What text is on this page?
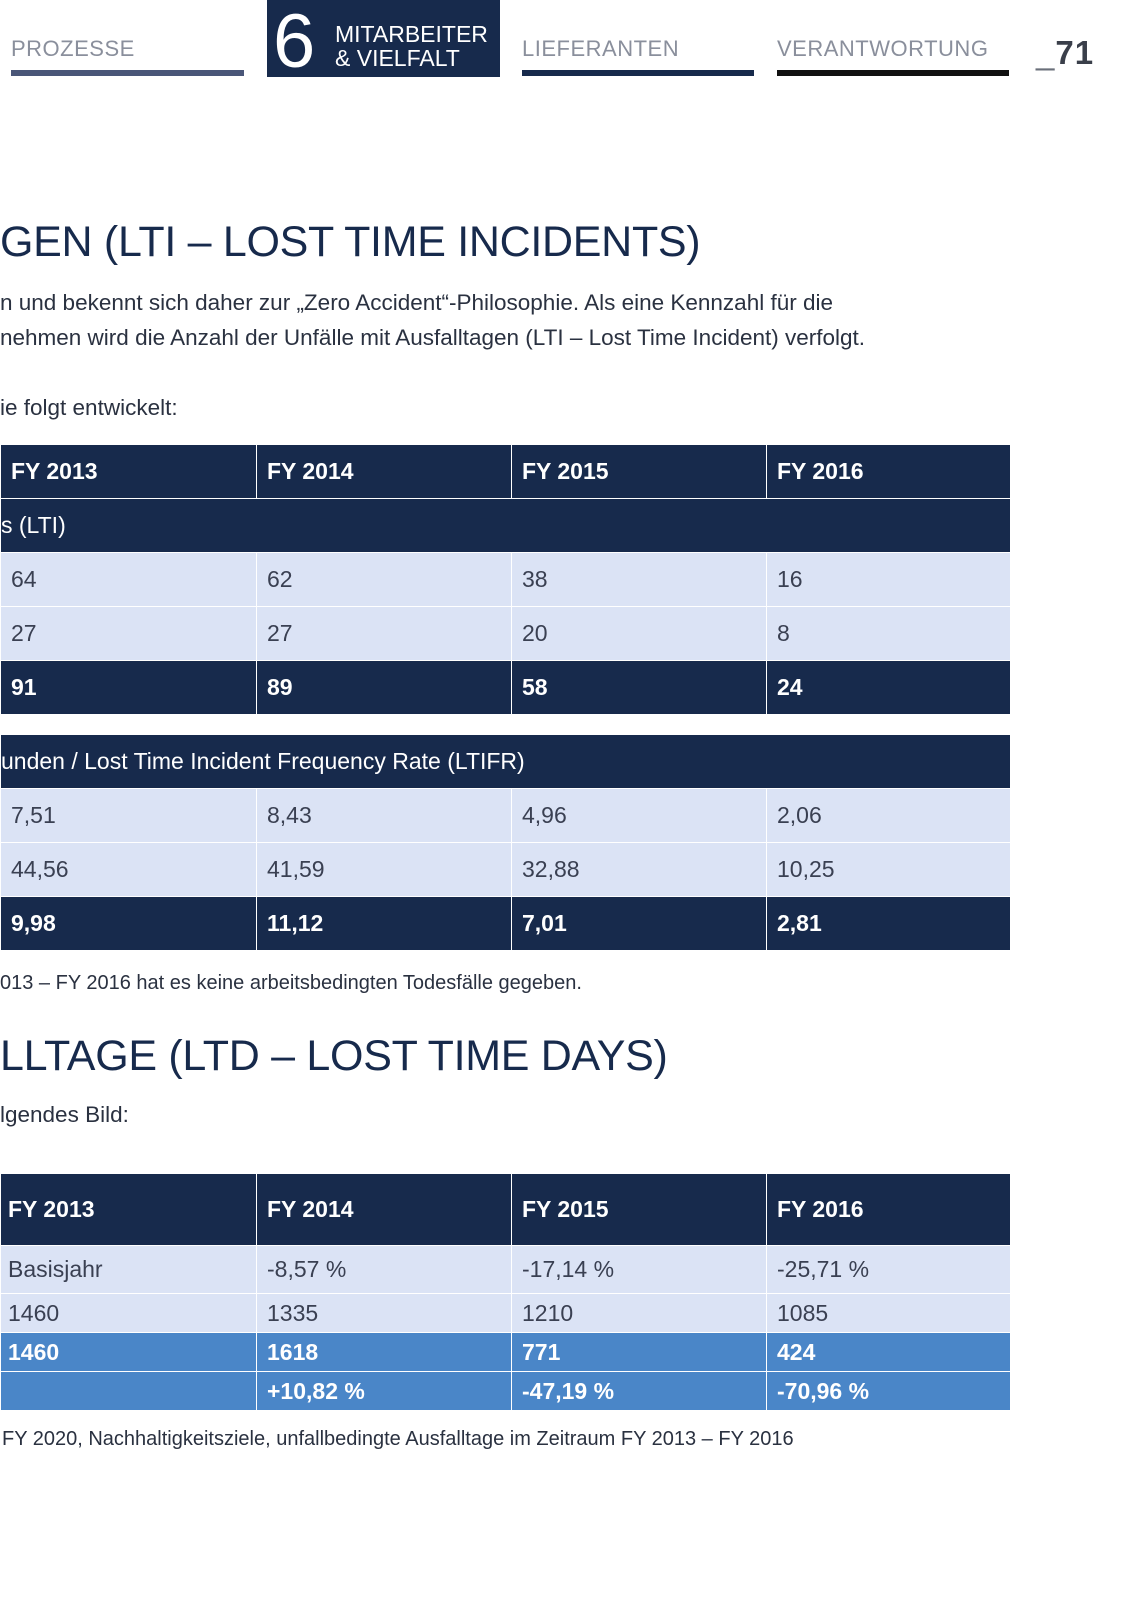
PROZESSE 6 MITARBEITER
& VIELFALT	LIEFERANTEN	VERANTWORTUNG _71
GEN (LTI – LOST TIME INCIDENTS)
n und bekennt sich daher zur „Zero Accident“-Philosophie. Als eine Kennzahl für die
nehmen wird die Anzahl der Unfälle mit Ausfalltagen (LTI – Lost Time Incident) verfolgt.
ie folgt entwickelt:
FY 2013	FY 2014	FY 2015	FY 2016
s (LTI)			
64	62	38	16
27	27	20	8
91	89	58	24

unden / Lost Time Incident Frequency Rate (LTIFR)			
7,51	8,43	4,96	2,06
44,56	41,59	32,88	10,25
9,98	11,12	7,01	2,81
013 – FY 2016 hat es keine arbeitsbedingten Todesfälle gegeben.
LLTAGE (LTD – LOST TIME DAYS)
lgendes Bild:
FY 2013	FY 2014	FY 2015	FY 2016
Basisjahr	-8,57 %	-17,14 %	-25,71 %
1460	1335	1210	1085
1460	1618	771	424
	+10,82 %	-47,19 %	-70,96 %
FY 2020, Nachhaltigkeitsziele, unfallbedingte Ausfalltage im Zeitraum FY 2013 – FY 2016
